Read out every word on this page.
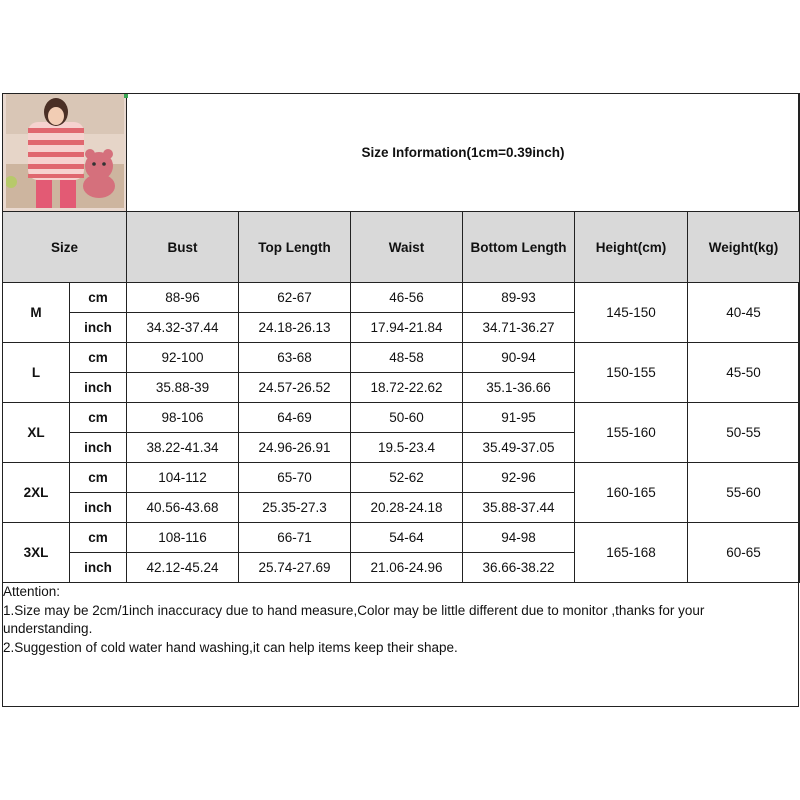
	Size Information(1cm=0.39inch)					
Size		Bust	Top Length	Waist	Bottom Length	Height(cm)	Weight(kg)
M	cm	88-96	62-67	46-56	89-93	145-150	40-45
	inch	34.32-37.44	24.18-26.13	17.94-21.84	34.71-36.27		
L	cm	92-100	63-68	48-58	90-94	150-155	45-50
	inch	35.88-39	24.57-26.52	18.72-22.62	35.1-36.66		
XL	cm	98-106	64-69	50-60	91-95	155-160	50-55
	inch	38.22-41.34	24.96-26.91	19.5-23.4	35.49-37.05		
2XL	cm	104-112	65-70	52-62	92-96	160-165	55-60
	inch	40.56-43.68	25.35-27.3	20.28-24.18	35.88-37.44		
3XL	cm	108-116	66-71	54-64	94-98	165-168	60-65
	inch	42.12-45.24	25.74-27.69	21.06-24.96	36.66-38.22		
Attention:
1.Size may be 2cm/1inch inaccuracy due to hand measure,Color may be little different due to monitor ,thanks for your understanding.
2.Suggestion of cold water hand washing,it can help items keep their shape.
